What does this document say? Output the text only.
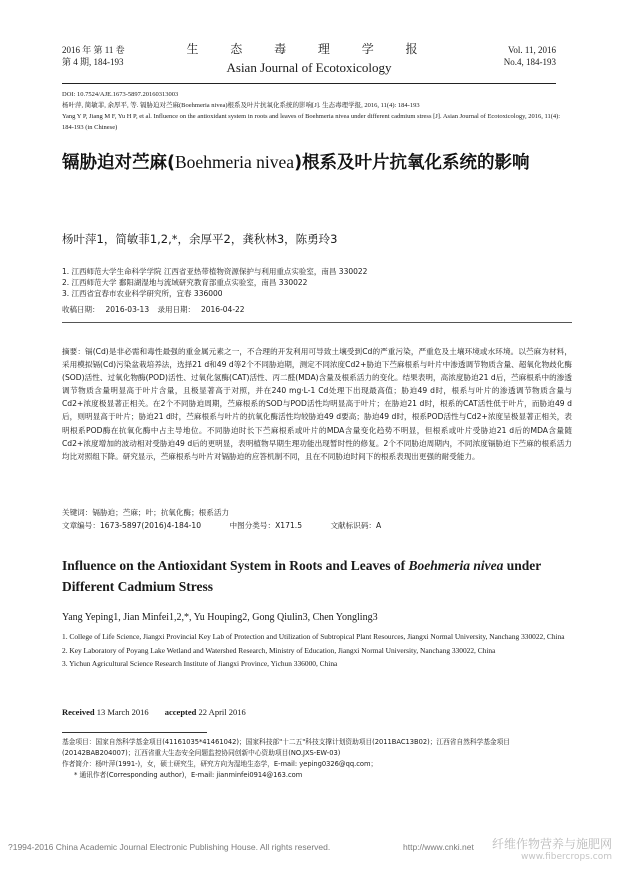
2016 年 第 11 卷
第 4 期, 184-193
生 态 毒 理 学 报
Asian Journal of Ecotoxicology
Vol. 11, 2016
No.4, 184-193
DOI: 10.7524/AJE.1673-5897.20160313003
杨叶萍, 简敏菲, 余厚平, 等. 镉胁迫对苎麻(Boehmeria nivea)根系及叶片抗氧化系统的影响[J]. 生态毒理学报, 2016, 11(4): 184-193
Yang Y P, Jiang M F, Yu H P, et al. Influence on the antioxidant system in roots and leaves of Boehmeria nivea under different cadmium stress [J]. Asian Journal of Ecotoxicology, 2016, 11(4): 184-193 (in Chinese)
镉胁迫对苎麻(Boehmeria nivea)根系及叶片抗氧化系统的影响
杨叶萍1，简敏菲1,2,*，余厚平2，龚秋林3，陈勇玲3
1. 江西师范大学生命科学学院 江西省亚热带植物资源保护与利用重点实验室，南昌 330022
2. 江西师范大学 鄱阳湖湿地与流域研究教育部重点实验室，南昌 330022
3. 江西省宜春市农业科学研究所，宜春 336000
收稿日期： 2016-03-13 录用日期： 2016-04-22
摘要：镉(Cd)是非必需和毒性最强的重金属元素之一，不合理的开发利用可导致土壤受到Cd的严重污染，严重危及土壤环境或水环境。以苎麻为材料，采用模拟镉(Cd)污染盆栽培养法，选择21 d和49 d等2个不同胁迫期，测定不同浓度Cd2+胁迫下苎麻根系与叶片中渗透调节物质含量、超氧化物歧化酶(SOD)活性、过氧化物酶(POD)活性、过氧化氢酶(CAT)活性、丙二醛(MDA)含量及根系活力的变化。结果表明，高浓度胁迫21 d后，苎麻根系中的渗透调节物质含量明显高于叶片含量，且极显著高于对照，并在240 mg·L-1 Cd处理下出现最高值；胁迫49 d时，根系与叶片的渗透调节物质含量与Cd2+浓度极显著正相关。在2个不同胁迫周期，苎麻根系的SOD与POD活性均明显高于叶片；在胁迫21 d时，根系的CAT活性低于叶片，而胁迫49 d后，则明显高于叶片；胁迫21 d时，苎麻根系与叶片的抗氧化酶活性均较胁迫49 d要高；胁迫49 d时，根系POD活性与Cd2+浓度呈极显著正相关，表明根系POD酶在抗氧化酶中占主导地位。不同胁迫时长下苎麻根系或叶片的MDA含量变化趋势不明显，但根系或叶片受胁迫21 d后的MDA含量随Cd2+浓度增加的波动相对受胁迫49 d后的更明显，表明植物早期生理功能出现暂时性的修复。2个不同胁迫周期内，不同浓度镉胁迫下苎麻的根系活力均比对照组下降。研究显示，苎麻根系与叶片对镉胁迫的应答机制不同，且在不同胁迫时间下的根系表现出更强的耐受能力。
关键词：镉胁迫；苎麻；叶；抗氧化酶；根系活力
文章编号：1673-5897(2016)4-184-10	中图分类号：X171.5	文献标识码：A
Influence on the Antioxidant System in Roots and Leaves of Boehmeria nivea under Different Cadmium Stress
Yang Yeping1, Jian Minfei1,2,*, Yu Houping2, Gong Qiulin3, Chen Yongling3
1. College of Life Science, Jiangxi Provincial Key Lab of Protection and Utilization of Subtropical Plant Resources, Jiangxi Normal University, Nanchang 330022, China
2. Key Laboratory of Poyang Lake Wetland and Watershed Research, Ministry of Education, Jiangxi Normal University, Nanchang 330022, China
3. Yichun Agricultural Science Research Institute of Jiangxi Province, Yichun 336000, China
Received 13 March 2016 accepted 22 April 2016
基金项目：国家自然科学基金项目(41161035*41461042)；国家科技部"十二五"科技支撑计划资助项目(2011BAC13B02)；江西省自然科学基金项目(20142BAB204007)；江西省重大生态安全问题监控协同创新中心资助项目(NO.JXS-EW-03)
作者简介：杨叶萍(1991-)，女，硕士研究生，研究方向为湿地生态学，E-mail: yeping0326@qq.com；
* 通讯作者(Corresponding author)，E-mail: jianminfei0914@163.com
?1994-2016 China Academic Journal Electronic Publishing House. All rights reserved.	http://www.cnki.net 纤维作物营养与施肥网
www.fibercrops.com
